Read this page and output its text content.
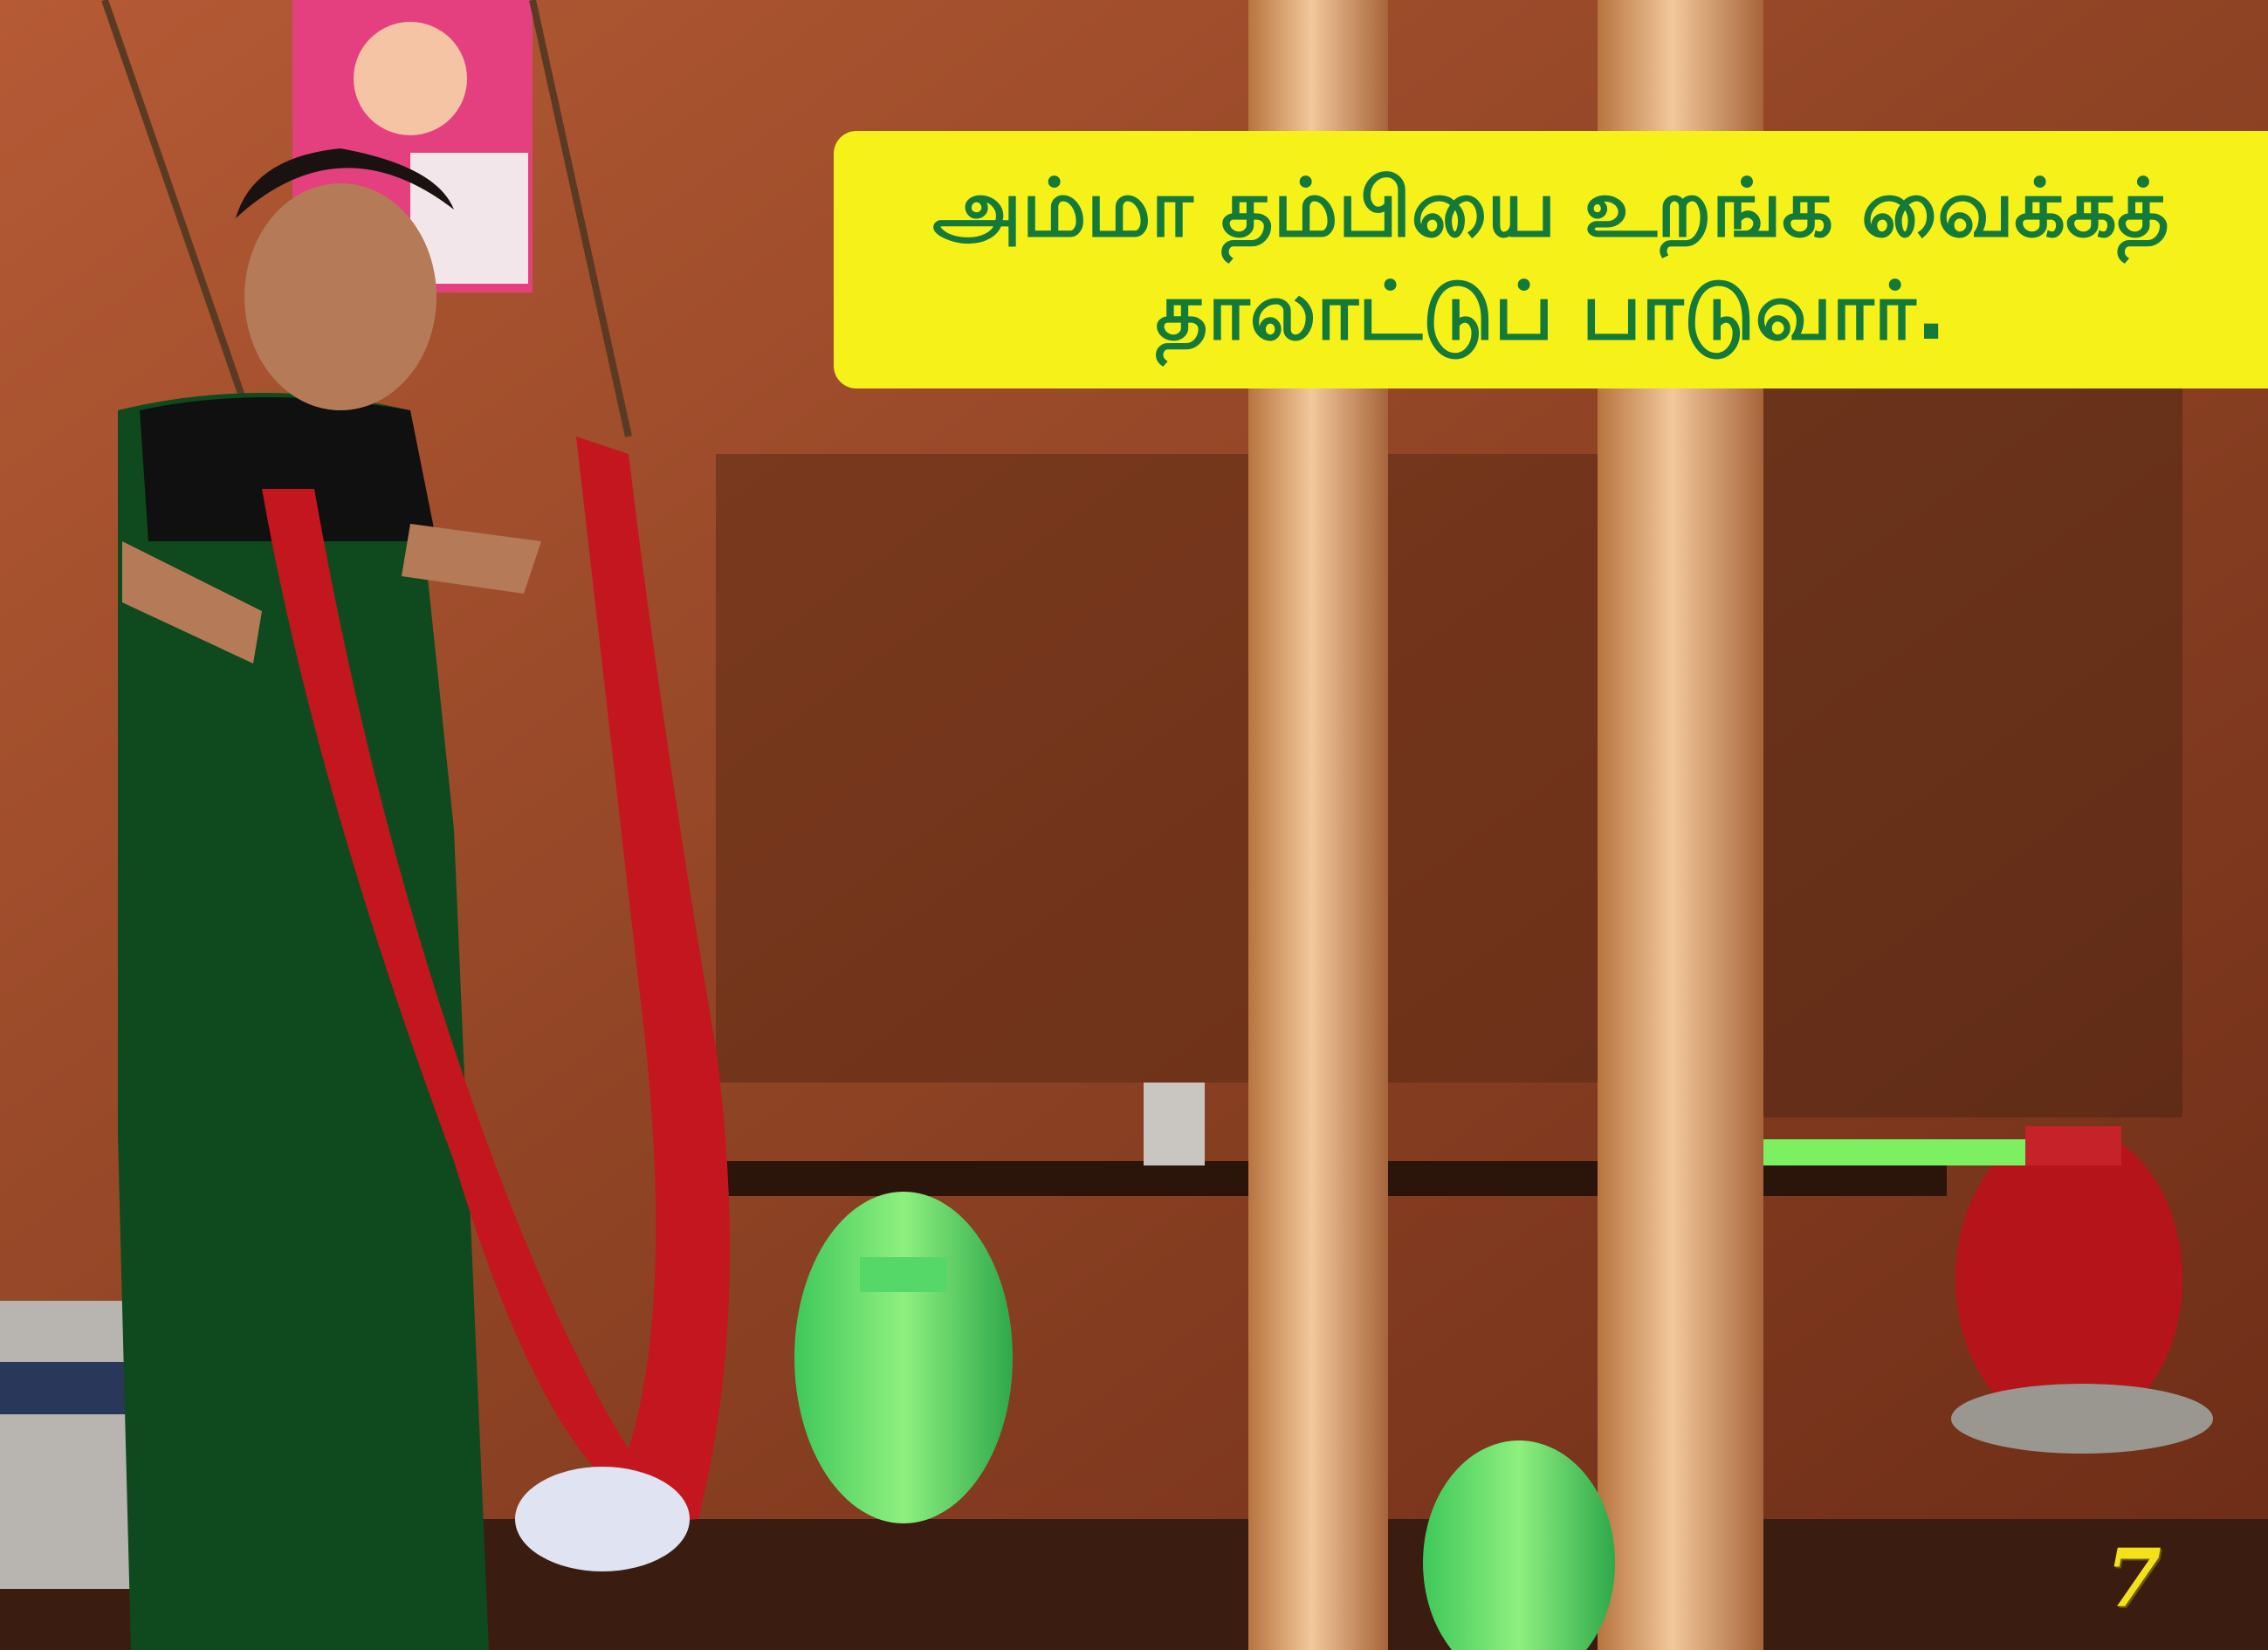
அம்மா தம்பியை உறங்க வைக்கத்
தாலாட்டுப் பாடுவார்.
7
